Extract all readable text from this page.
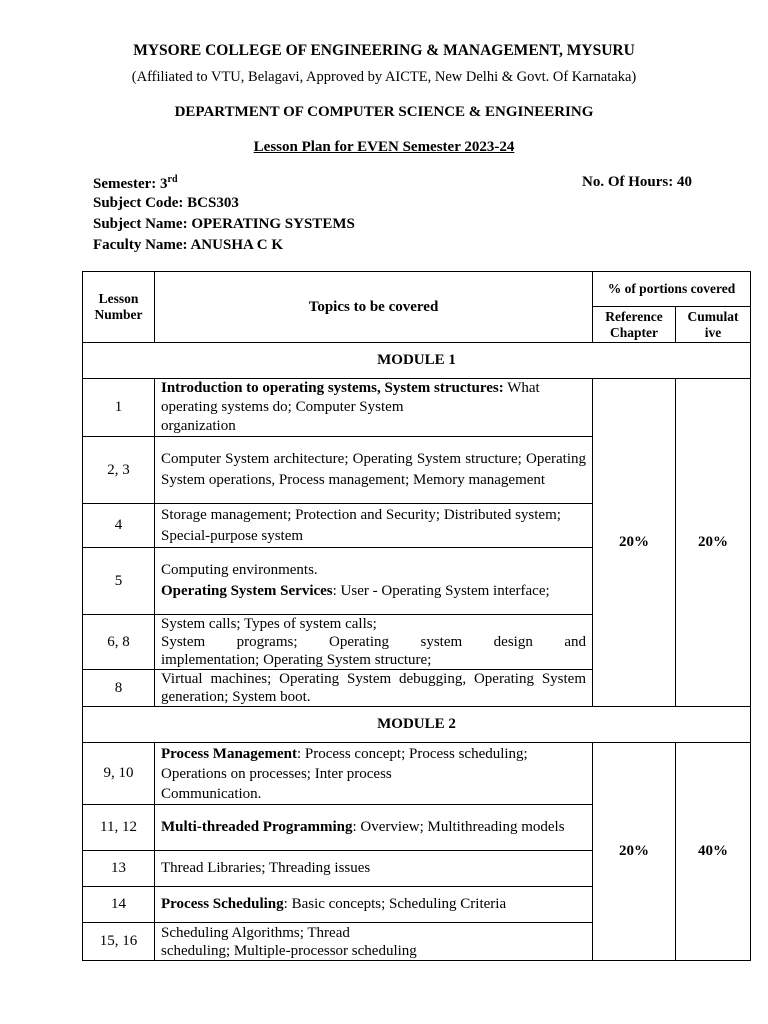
MYSORE COLLEGE OF ENGINEERING & MANAGEMENT, MYSURU
(Affiliated to VTU, Belagavi, Approved by AICTE, New Delhi & Govt. Of Karnataka)
DEPARTMENT OF COMPUTER SCIENCE & ENGINEERING
Lesson Plan for EVEN Semester 2023-24
Semester: 3rd	No. Of Hours: 40
Subject Code: BCS303
Subject Name: OPERATING SYSTEMS
Faculty Name: ANUSHA C K
Lesson Number	Topics to be covered	% of portions covered	
		Reference Chapter	Cumulat ive
MODULE 1			
1	Introduction to operating systems, System structures: What operating systems do; Computer System
organization	20%	20%
2, 3	Computer System architecture; Operating System structure; Operating System operations, Process management; Memory management		
4	Storage management; Protection and Security; Distributed system; Special-purpose system		
5	Computing environments.
Operating System Services: User - Operating System interface;		

6, 8	System calls; Types of system calls;
System programs; Operating system design and
implementation; Operating System structure;		

8	Virtual machines; Operating System debugging, Operating System generation; System boot.		
MODULE 2			
9, 10	Process Management: Process concept; Process scheduling;
Operations on processes; Inter process
Communication.	20%	40%
11, 12	Multi-threaded Programming: Overview; Multithreading models		
13	Thread Libraries; Threading issues		
14	Process Scheduling: Basic concepts; Scheduling Criteria		
15, 16	Scheduling Algorithms; Thread
scheduling; Multiple-processor scheduling		
